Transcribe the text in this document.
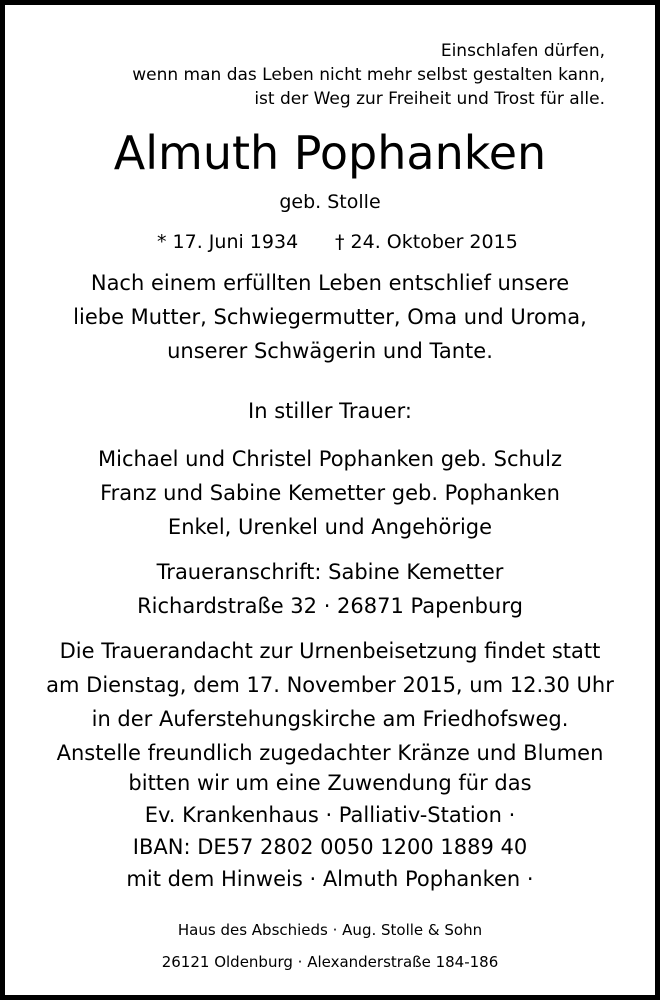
Einschlafen dürfen,
wenn man das Leben nicht mehr selbst gestalten kann,
ist der Weg zur Freiheit und Trost für alle.
Almuth Pophanken
geb. Stolle
* 17. Juni 1934 † 24. Oktober 2015
Nach einem erfüllten Leben entschlief unsere
liebe Mutter, Schwiegermutter, Oma und Uroma,
unserer Schwägerin und Tante.
In stiller Trauer:
Michael und Christel Pophanken geb. Schulz
Franz und Sabine Kemetter geb. Pophanken
Enkel, Urenkel und Angehörige
Traueranschrift: Sabine Kemetter
Richardstraße 32 · 26871 Papenburg
Die Trauerandacht zur Urnenbeisetzung findet statt
am Dienstag, dem 17. November 2015, um 12.30 Uhr
in der Auferstehungskirche am Friedhofsweg.
Anstelle freundlich zugedachter Kränze und Blumen
bitten wir um eine Zuwendung für das
Ev. Krankenhaus · Palliativ-Station ·
IBAN: DE57 2802 0050 1200 1889 40
mit dem Hinweis · Almuth Pophanken ·
Haus des Abschieds · Aug. Stolle & Sohn
26121 Oldenburg · Alexanderstraße 184-186
